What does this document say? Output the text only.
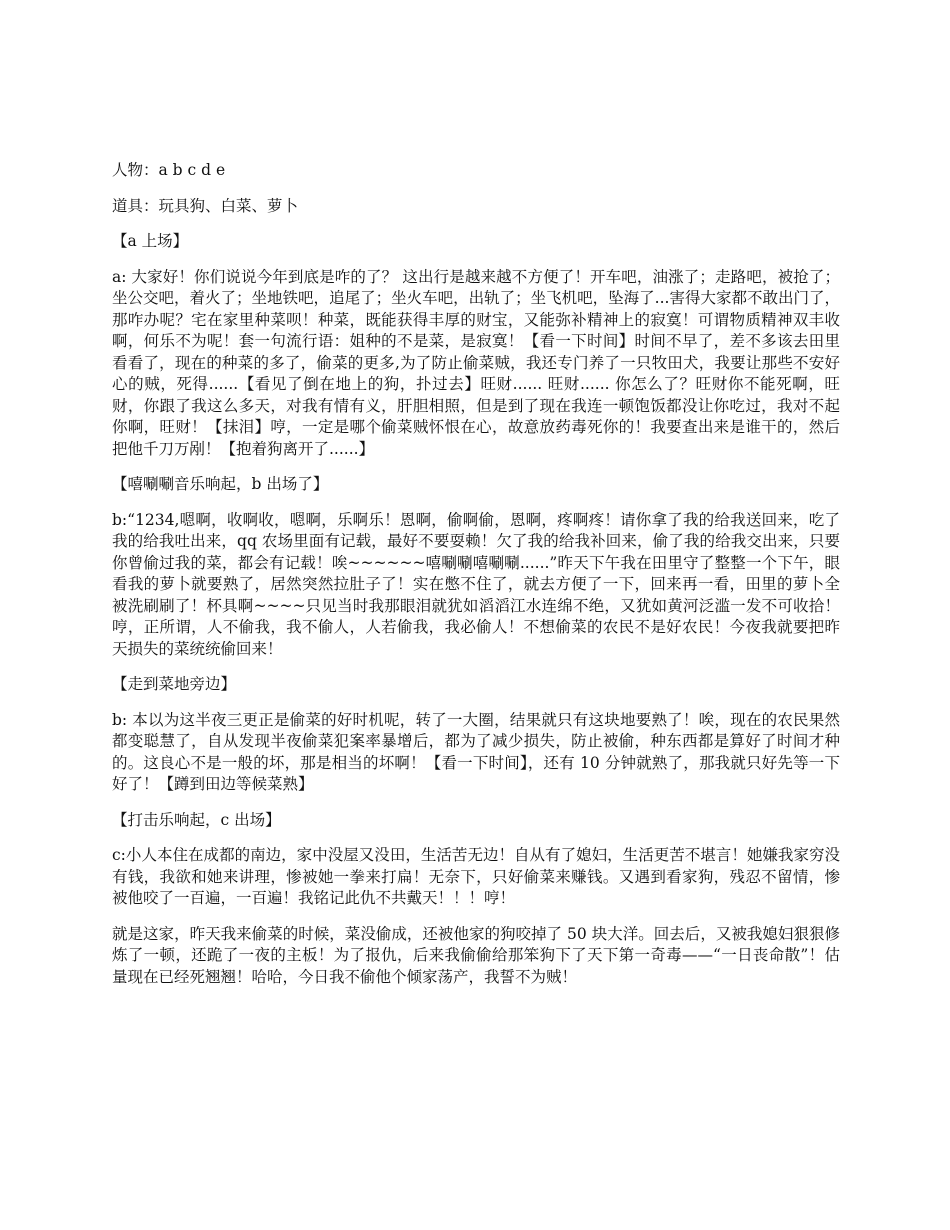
人物：a b c d e

道具：玩具狗、白菜、萝卜

【a 上场】

a: 大家好！你们说说今年到底是咋的了？ 这出行是越来越不方便了！开车吧，油涨了；走路吧，被抢了；坐公交吧，着火了；坐地铁吧，追尾了；坐火车吧，出轨了；坐飞机吧，坠海了...害得大家都不敢出门了，那咋办呢？宅在家里种菜呗！种菜，既能获得丰厚的财宝，又能弥补精神上的寂寞！可谓物质精神双丰收啊，何乐不为呢！套一句流行语：姐种的不是菜，是寂寞！【看一下时间】时间不早了，差不多该去田里看看了，现在的种菜的多了，偷菜的更多,为了防止偷菜贼，我还专门养了一只牧田犬，我要让那些不安好心的贼，死得......【看见了倒在地上的狗，扑过去】旺财...... 旺财...... 你怎么了？旺财你不能死啊，旺财，你跟了我这么多天，对我有情有义，肝胆相照，但是到了现在我连一顿饱饭都没让你吃过，我对不起你啊，旺财！【抹泪】哼，一定是哪个偷菜贼怀恨在心，故意放药毒死你的！我要查出来是谁干的，然后把他千刀万剐！【抱着狗离开了......】

【嘻唰唰音乐响起，b 出场了】

b:“1234,嗯啊，收啊收，嗯啊，乐啊乐！恩啊，偷啊偷，恩啊，疼啊疼！请你拿了我的给我送回来，吃了我的给我吐出来，qq 农场里面有记载，最好不要耍赖！欠了我的给我补回来，偷了我的给我交出来，只要你曾偷过我的菜，都会有记载！唉~~~~~~嘻唰唰嘻唰唰......”昨天下午我在田里守了整整一个下午，眼看我的萝卜就要熟了，居然突然拉肚子了！实在憋不住了，就去方便了一下，回来再一看，田里的萝卜全被洗刷刷了！杯具啊~~~~只见当时我那眼泪就犹如滔滔江水连绵不绝，又犹如黄河泛滥一发不可收拾！哼，正所谓，人不偷我，我不偷人，人若偷我，我必偷人！不想偷菜的农民不是好农民！今夜我就要把昨天损失的菜统统偷回来！

【走到菜地旁边】

b: 本以为这半夜三更正是偷菜的好时机呢，转了一大圈，结果就只有这块地要熟了！唉，现在的农民果然都变聪慧了，自从发现半夜偷菜犯案率暴增后，都为了减少损失，防止被偷，种东西都是算好了时间才种的。这良心不是一般的坏，那是相当的坏啊！【看一下时间】，还有 10 分钟就熟了，那我就只好先等一下好了！【蹲到田边等候菜熟】

【打击乐响起，c 出场】

c:小人本住在成都的南边，家中没屋又没田，生活苦无边！自从有了媳妇，生活更苦不堪言！她嫌我家穷没有钱，我欲和她来讲理，惨被她一拳来打扁！无奈下，只好偷菜来赚钱。又遇到看家狗，残忍不留情，惨被他咬了一百遍，一百遍！我铭记此仇不共戴天！！！哼！

就是这家，昨天我来偷菜的时候，菜没偷成，还被他家的狗咬掉了 50 块大洋。回去后，又被我媳妇狠狠修炼了一顿，还跪了一夜的主板！为了报仇，后来我偷偷给那笨狗下了天下第一奇毒——“一日丧命散”！估量现在已经死翘翘！哈哈，今日我不偷他个倾家荡产，我誓不为贼！
